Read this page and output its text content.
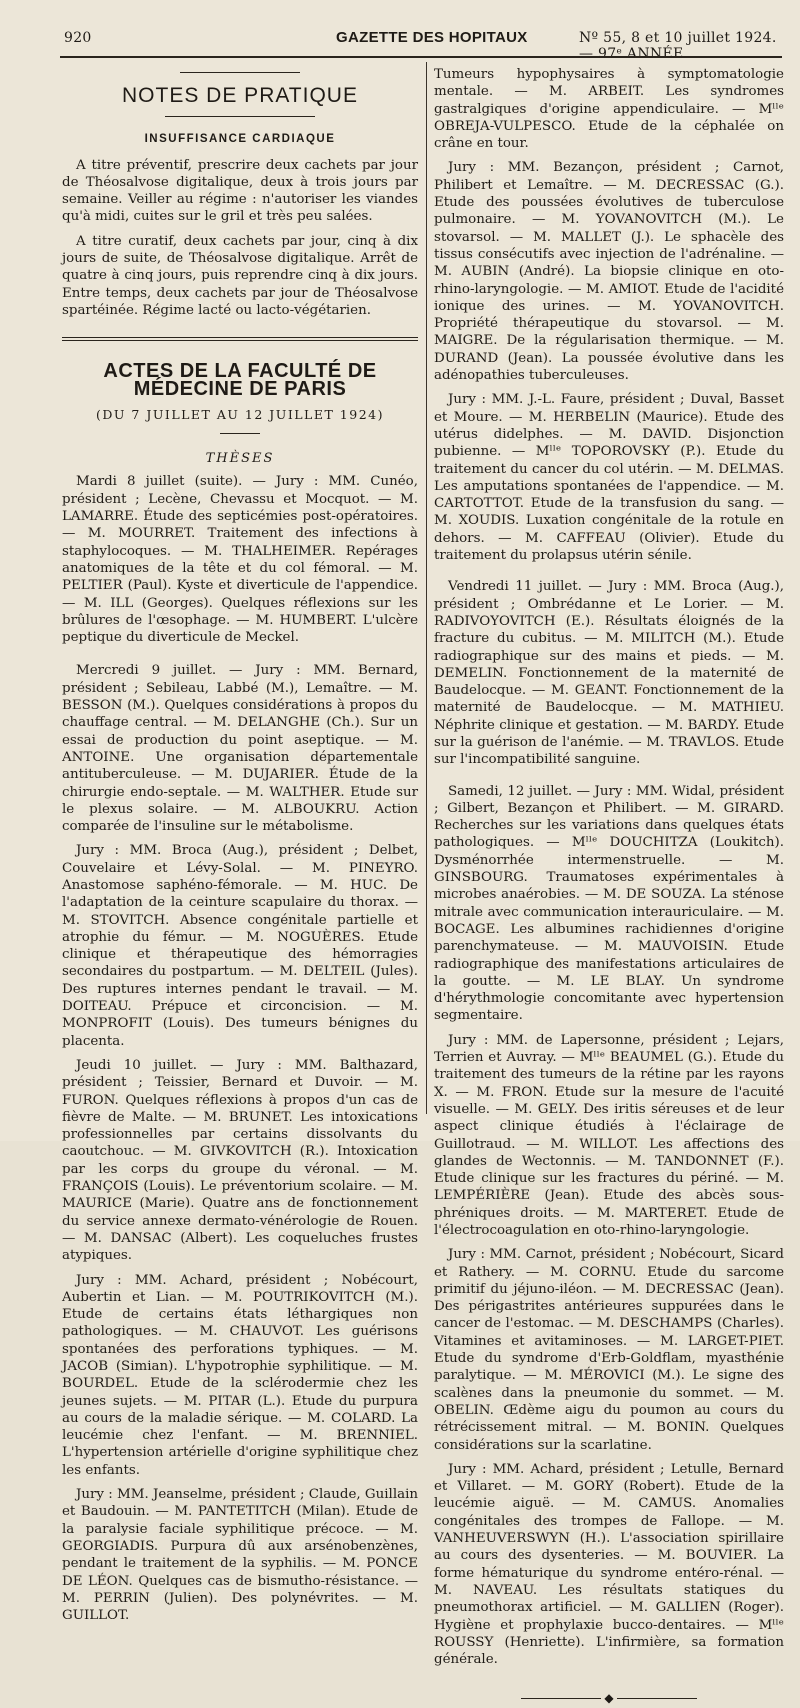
920	GAZETTE DES HOPITAUX	Nº 55, 8 et 10 juillet 1924. — 97ᵉ ANNÉE.
NOTES DE PRATIQUE
INSUFFISANCE CARDIAQUE

A titre préventif, prescrire deux cachets par jour de Théosalvose digitalique, deux à trois jours par semaine. Veiller au régime : n'autoriser les viandes qu'à midi, cuites sur le gril et très peu salées.

A titre curatif, deux cachets par jour, cinq à dix jours de suite, de Théosalvose digitalique. Arrêt de quatre à cinq jours, puis reprendre cinq à dix jours. Entre temps, deux cachets par jour de Théosalvose spartéinée. Régime lacté ou lacto-végétarien.

ACTES DE LA FACULTÉ DE MÉDECINE DE PARIS
(DU 7 JUILLET AU 12 JUILLET 1924)
THÈSES

Mardi 8 juillet (suite). — Jury : MM. Cunéo, président ; Lecène, Chevassu et Mocquot. — M. LAMARRE. Étude des septicémies post-opératoires. — M. MOURRET. Traitement des infections à staphylocoques. — M. THALHEIMER. Repérages anatomiques de la tête et du col fémoral. — M. PELTIER (Paul). Kyste et diverticule de l'appendice. — M. ILL (Georges). Quelques réflexions sur les brûlures de l'œsophage. — M. HUMBERT. L'ulcère peptique du diverticule de Meckel.

Mercredi 9 juillet. — Jury : MM. Bernard, président ; Sebileau, Labbé (M.), Lemaître. — M. BESSON (M.). Quelques considérations à propos du chauffage central. — M. DELANGHE (Ch.). Sur un essai de production du point aseptique. — M. ANTOINE. Une organisation départementale antituberculeuse. — M. DUJARIER. Étude de la chirurgie endo-septale. — M. WALTHER. Etude sur le plexus solaire. — M. ALBOUKRU. Action comparée de l'insuline sur le métabolisme.

Jury : MM. Broca (Aug.), président ; Delbet, Couvelaire et Lévy-Solal. — M. PINEYRO. Anastomose saphéno-fémorale. — M. HUC. De l'adaptation de la ceinture scapulaire du thorax. — M. STOVITCH. Absence congénitale partielle et atrophie du fémur. — M. NOGUÈRES. Etude clinique et thérapeutique des hémorragies secondaires du postpartum. — M. DELTEIL (Jules). Des ruptures internes pendant le travail. — M. DOITEAU. Prépuce et circoncision. — M. MONPROFIT (Louis). Des tumeurs bénignes du placenta.

Jeudi 10 juillet. — Jury : MM. Balthazard, président ; Teissier, Bernard et Duvoir. — M. FURON. Quelques réflexions à propos d'un cas de fièvre de Malte. — M. BRUNET. Les intoxications professionnelles par certains dissolvants du caoutchouc. — M. GIVKOVITCH (R.). Intoxication par les corps du groupe du véronal. — M. FRANÇOIS (Louis). Le préventorium scolaire. — M. MAURICE (Marie). Quatre ans de fonctionnement du service annexe dermato-vénérologie de Rouen. — M. DANSAC (Albert). Les coqueluches frustes atypiques.

Jury : MM. Achard, président ; Nobécourt, Aubertin et Lian. — M. POUTRIKOVITCH (M.). Etude de certains états léthargiques non pathologiques. — M. CHAUVOT. Les guérisons spontanées des perforations typhiques. — M. JACOB (Simian). L'hypotrophie syphilitique. — M. BOURDEL. Etude de la sclérodermie chez les jeunes sujets. — M. PITAR (L.). Etude du purpura au cours de la maladie sérique. — M. COLARD. La leucémie chez l'enfant. — M. BRENNIEL. L'hypertension artérielle d'origine syphilitique chez les enfants.

Jury : MM. Jeanselme, président ; Claude, Guillain et Baudouin. — M. PANTETITCH (Milan). Etude de la paralysie faciale syphilitique précoce. — M. GEORGIADIS. Purpura dû aux arsénobenzènes, pendant le traitement de la syphilis. — M. PONCE DE LÉON. Quelques cas de bismutho-résistance. — M. PERRIN (Julien). Des polynévrites. — M. GUILLOT.

Tumeurs hypophysaires à symptomatologie mentale. — M. ARBEIT. Les syndromes gastralgiques d'origine appendiculaire. — Mˡˡᵉ OBREJA-VULPESCO. Etude de la céphalée on crâne en tour.

Jury : MM. Bezançon, président ; Carnot, Philibert et Lemaître. — M. DECRESSAC (G.). Etude des poussées évolutives de tuberculose pulmonaire. — M. YOVANOVITCH (M.). Le stovarsol. — M. MALLET (J.). Le sphacèle des tissus consécutifs avec injection de l'adrénaline. — M. AUBIN (André). La biopsie clinique en oto-rhino-laryngologie. — M. AMIOT. Etude de l'acidité ionique des urines. — M. YOVANOVITCH. Propriété thérapeutique du stovarsol. — M. MAIGRE. De la régularisation thermique. — M. DURAND (Jean). La poussée évolutive dans les adénopathies tuberculeuses.

Jury : MM. J.-L. Faure, président ; Duval, Basset et Moure. — M. HERBELIN (Maurice). Etude des utérus didelphes. — M. DAVID. Disjonction pubienne. — Mˡˡᵉ TOPOROVSKY (P.). Etude du traitement du cancer du col utérin. — M. DELMAS. Les amputations spontanées de l'appendice. — M. CARTOTTOT. Etude de la transfusion du sang. — M. XOUDIS. Luxation congénitale de la rotule en dehors. — M. CAFFEAU (Olivier). Etude du traitement du prolapsus utérin sénile.

Vendredi 11 juillet. — Jury : MM. Broca (Aug.), président ; Ombrédanne et Le Lorier. — M. RADIVOYOVITCH (E.). Résultats éloignés de la fracture du cubitus. — M. MILITCH (M.). Etude radiographique sur des mains et pieds. — M. DEMELIN. Fonctionnement de la maternité de Baudelocque. — M. GEANT. Fonctionnement de la maternité de Baudelocque. — M. MATHIEU. Néphrite clinique et gestation. — M. BARDY. Etude sur la guérison de l'anémie. — M. TRAVLOS. Etude sur l'incompatibilité sanguine.

Samedi, 12 juillet. — Jury : MM. Widal, président ; Gilbert, Bezançon et Philibert. — M. GIRARD. Recherches sur les variations dans quelques états pathologiques. — Mˡˡᵉ DOUCHITZA (Loukitch). Dysménorrhée intermenstruelle. — M. GINSBOURG. Traumatoses expérimentales à microbes anaérobies. — M. DE SOUZA. La sténose mitrale avec communication interauriculaire. — M. BOCAGE. Les albumines rachidiennes d'origine parenchymateuse. — M. MAUVOISIN. Etude radiographique des manifestations articulaires de la goutte. — M. LE BLAY. Un syndrome d'hérythmologie concomitante avec hypertension segmentaire.

Jury : MM. de Lapersonne, président ; Lejars, Terrien et Auvray. — Mˡˡᵉ BEAUMEL (G.). Etude du traitement des tumeurs de la rétine par les rayons X. — M. FRON. Etude sur la mesure de l'acuité visuelle. — M. GELY. Des iritis séreuses et de leur aspect clinique étudiés à l'éclairage de Guillotraud. — M. WILLOT. Les affections des glandes de Wectonnis. — M. TANDONNET (F.). Etude clinique sur les fractures du périné. — M. LEMPÉRIÈRE (Jean). Etude des abcès sous-phréniques droits. — M. MARTERET. Etude de l'électrocoagulation en oto-rhino-laryngologie.

Jury : MM. Carnot, président ; Nobécourt, Sicard et Rathery. — M. CORNU. Etude du sarcome primitif du jéjuno-iléon. — M. DECRESSAC (Jean). Des périgastrites antérieures suppurées dans le cancer de l'estomac. — M. DESCHAMPS (Charles). Vitamines et avitaminoses. — M. LARGET-PIET. Etude du syndrome d'Erb-Goldflam, myasthénie paralytique. — M. MÉROVICI (M.). Le signe des scalènes dans la pneumonie du sommet. — M. OBELIN. Œdème aigu du poumon au cours du rétrécissement mitral. — M. BONIN. Quelques considérations sur la scarlatine.

Jury : MM. Achard, président ; Letulle, Bernard et Villaret. — M. GORY (Robert). Etude de la leucémie aiguë. — M. CAMUS. Anomalies congénitales des trompes de Fallope. — M. VANHEUVERSWYN (H.). L'association spirillaire au cours des dysenteries. — M. BOUVIER. La forme hématurique du syndrome entéro-rénal. — M. NAVEAU. Les résultats statiques du pneumothorax artificiel. — M. GALLIEN (Roger). Hygiène et prophylaxie bucco-dentaires. — Mˡˡᵉ ROUSSY (Henriette). L'infirmière, sa formation générale.

◆
